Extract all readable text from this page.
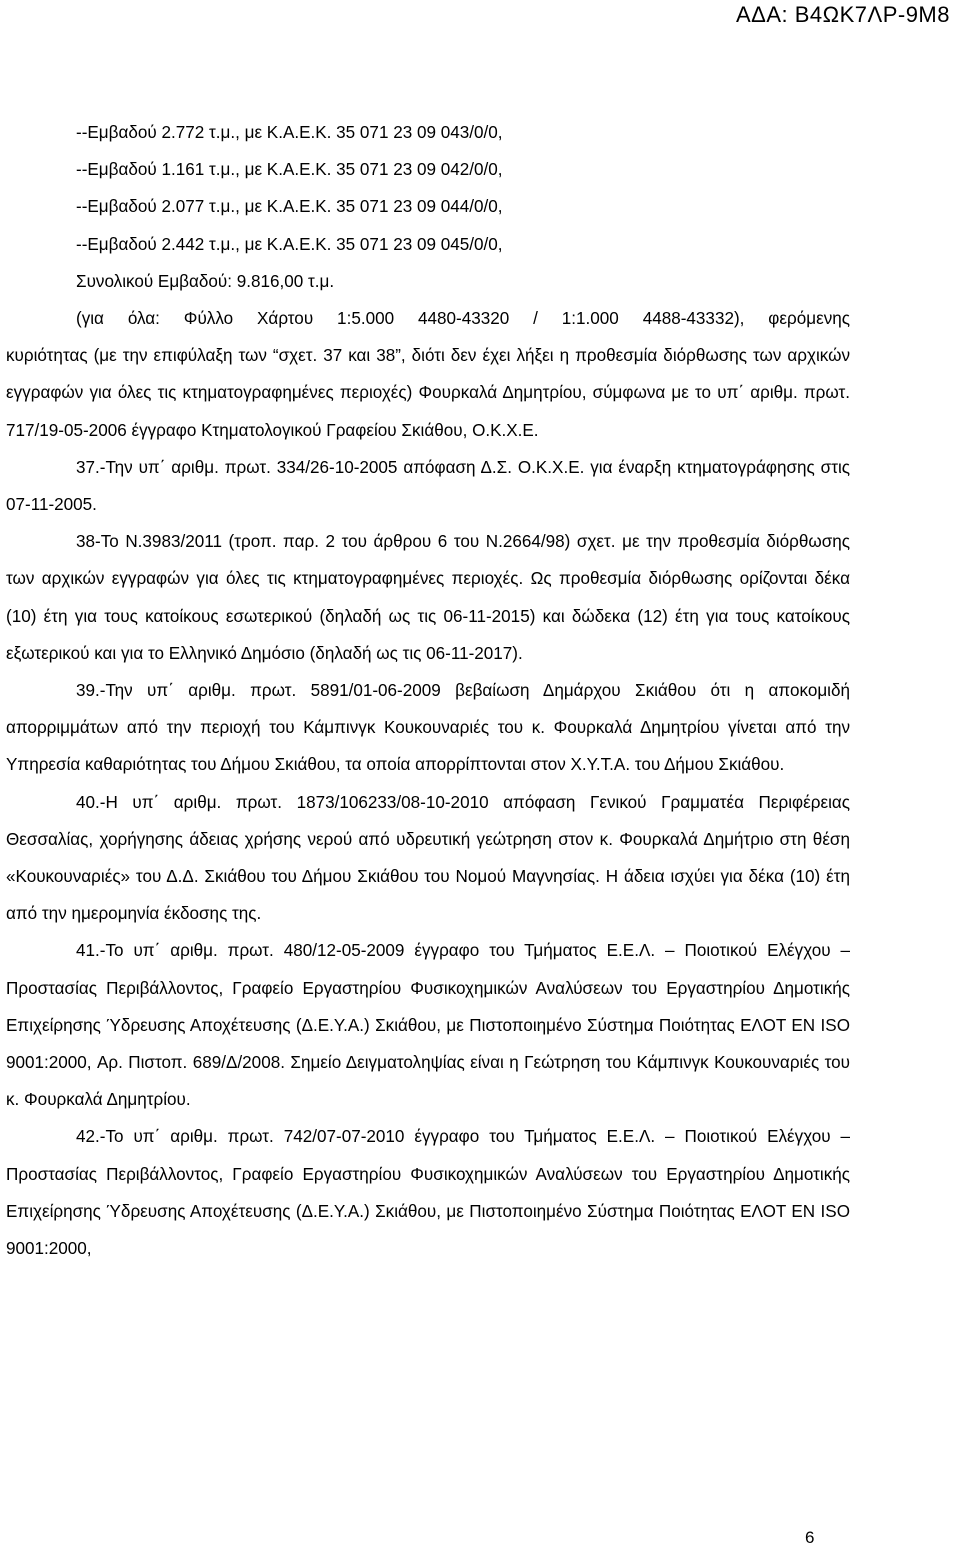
ΑΔΑ: Β4ΩΚ7ΛΡ-9Μ8
--Εμβαδού 2.772 τ.μ., με Κ.Α.Ε.Κ. 35 071 23 09 043/0/0,
--Εμβαδού 1.161 τ.μ., με Κ.Α.Ε.Κ. 35 071 23 09 042/0/0,
--Εμβαδού 2.077 τ.μ., με Κ.Α.Ε.Κ. 35 071 23 09 044/0/0,
--Εμβαδού 2.442 τ.μ., με Κ.Α.Ε.Κ. 35 071 23 09 045/0/0,
Συνολικού Εμβαδού: 9.816,00 τ.μ.
(για όλα: Φύλλο Χάρτου 1:5.000 4480-43320 / 1:1.000 4488-43332), φερόμενης
κυριότητας (με την επιφύλαξη των “σχετ. 37 και 38”, διότι δεν έχει λήξει η προθεσμία διόρθωσης των αρχικών εγγραφών για όλες τις κτηματογραφημένες περιοχές) Φουρκαλά Δημητρίου, σύμφωνα με το υπ΄ αριθμ. πρωτ. 717/19-05-2006 έγγραφο Κτηματολογικού Γραφείου Σκιάθου, Ο.Κ.Χ.Ε.
37.-Την υπ΄ αριθμ. πρωτ. 334/26-10-2005 απόφαση Δ.Σ. Ο.Κ.Χ.Ε. για έναρξη κτηματογράφησης στις 07-11-2005.
38-Το Ν.3983/2011 (τροπ. παρ. 2 του άρθρου 6 του Ν.2664/98) σχετ. με την προθεσμία διόρθωσης των αρχικών εγγραφών για όλες τις κτηματογραφημένες περιοχές. Ως προθεσμία διόρθωσης ορίζονται δέκα (10) έτη για τους κατοίκους εσωτερικού (δηλαδή ως τις 06-11-2015) και δώδεκα (12) έτη για τους κατοίκους εξωτερικού και για το Ελληνικό Δημόσιο (δηλαδή ως τις 06-11-2017).
39.-Την υπ΄ αριθμ. πρωτ. 5891/01-06-2009 βεβαίωση Δημάρχου Σκιάθου ότι η αποκομιδή απορριμμάτων από την περιοχή του Κάμπινγκ Κουκουναριές του κ. Φουρκαλά Δημητρίου γίνεται από την Υπηρεσία καθαριότητας του Δήμου Σκιάθου, τα οποία απορρίπτονται στον Χ.Υ.Τ.Α. του Δήμου Σκιάθου.
40.-Η υπ΄ αριθμ. πρωτ. 1873/106233/08-10-2010 απόφαση Γενικού Γραμματέα Περιφέρειας Θεσσαλίας, χορήγησης άδειας χρήσης νερού από υδρευτική γεώτρηση στον κ. Φουρκαλά Δημήτριο στη θέση «Κουκουναριές» του Δ.Δ. Σκιάθου του Δήμου Σκιάθου του Νομού Μαγνησίας. Η άδεια ισχύει για δέκα (10) έτη από την ημερομηνία έκδοσης της.
41.-Το υπ΄ αριθμ. πρωτ. 480/12-05-2009 έγγραφο του Τμήματος Ε.Ε.Λ. – Ποιοτικού Ελέγχου – Προστασίας Περιβάλλοντος, Γραφείο Εργαστηρίου Φυσικοχημικών Αναλύσεων του Εργαστηρίου Δημοτικής Επιχείρησης Ύδρευσης Αποχέτευσης (Δ.Ε.Υ.Α.) Σκιάθου, με Πιστοποιημένο Σύστημα Ποιότητας ΕΛΟΤ ΕΝ ISO 9001:2000, Αρ. Πιστοπ. 689/Δ/2008. Σημείο Δειγματοληψίας είναι η Γεώτρηση του Κάμπινγκ Κουκουναριές του κ. Φουρκαλά Δημητρίου.
42.-Το υπ΄ αριθμ. πρωτ. 742/07-07-2010 έγγραφο του Τμήματος Ε.Ε.Λ. – Ποιοτικού Ελέγχου – Προστασίας Περιβάλλοντος, Γραφείο Εργαστηρίου Φυσικοχημικών Αναλύσεων του Εργαστηρίου Δημοτικής Επιχείρησης Ύδρευσης Αποχέτευσης (Δ.Ε.Υ.Α.) Σκιάθου, με Πιστοποιημένο Σύστημα Ποιότητας ΕΛΟΤ ΕΝ ISO 9001:2000,
6
